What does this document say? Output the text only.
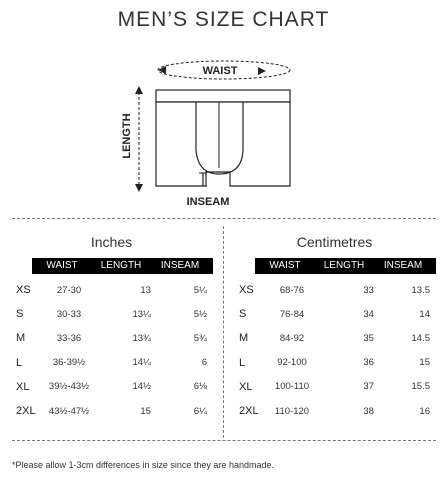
MEN’S SIZE CHART
WAIST
LENGTH
INSEAM
Inches
WAIST	LENGTH	INSEAM
XS	27-30	13	5¼
S	30-33	13¼	5½
M	33-36	13¾	5¾
L	36-39½	14¼	6
XL	39½-43½	14½	6⅛
2XL	43½-47½	15	6¼
Centimetres
WAIST	LENGTH	INSEAM
XS	68-76	33	13.5
S	76-84	34	14
M	84-92	35	14.5
L	92-100	36	15
XL	100-110	37	15.5
2XL	110-120	38	16
*Please allow 1-3cm differences in size since they are handmade.
